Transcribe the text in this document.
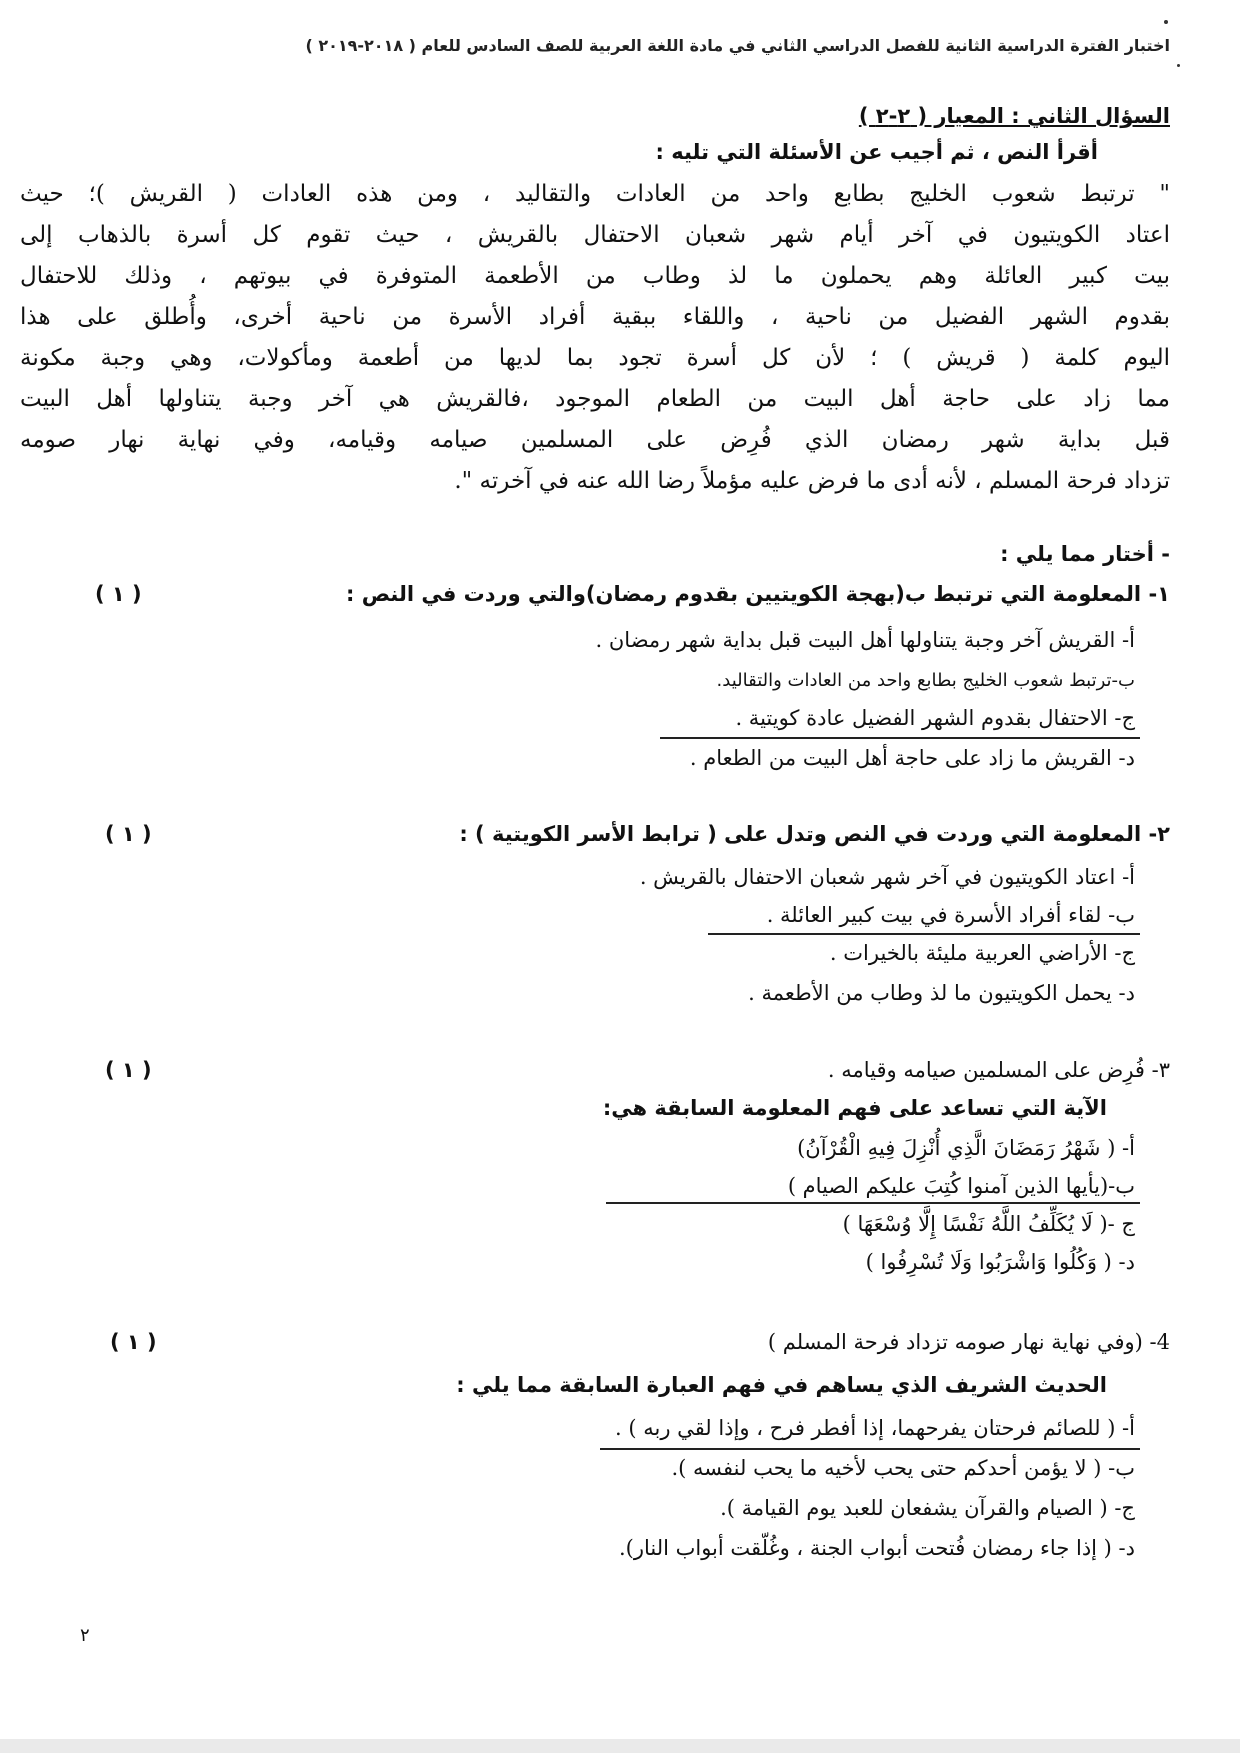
اختبار الفترة الدراسية الثانية للفصل الدراسي الثاني في مادة اللغة العربية للصف السادس للعام ( ٢٠١٨-٢٠١٩ )
السؤال الثاني : المعيار ( ٢-٢ )
أقرأ النص ، ثم أجيب عن الأسئلة التي تليه :
" ترتبط شعوب الخليج بطابع واحد من العادات والتقاليد ، ومن هذه العادات ( القريش )؛ حيث
اعتاد الكويتيون في آخر أيام شهر شعبان الاحتفال بالقريش ، حيث تقوم كل أسرة بالذهاب إلى
بيت كبير العائلة وهم يحملون ما لذ وطاب من الأطعمة المتوفرة في بيوتهم ، وذلك للاحتفال
بقدوم الشهر الفضيل من ناحية ، واللقاء ببقية أفراد الأسرة من ناحية أخرى، وأُطلق على هذا
اليوم كلمة ( قريش ) ؛ لأن كل أسرة تجود بما لديها من أطعمة ومأكولات، وهي وجبة مكونة
مما زاد على حاجة أهل البيت من الطعام الموجود ،فالقريش هي آخر وجبة يتناولها أهل البيت
قبل بداية شهر رمضان الذي فُرِض على المسلمين صيامه وقيامه، وفي نهاية نهار صومه
تزداد فرحة المسلم ، لأنه أدى ما فرض عليه مؤملاً رضا الله عنه في آخرته ".
- أختار مما يلي :
١- المعلومة التي ترتبط ب(بهجة الكويتيين بقدوم رمضان)والتي وردت في النص :
( ١ )
أ- القريش آخر وجبة يتناولها أهل البيت قبل بداية شهر رمضان .
ب-ترتبط شعوب الخليج بطابع واحد من العادات والتقاليد.
ج- الاحتفال بقدوم الشهر الفضيل عادة كويتية .
د- القريش ما زاد على حاجة أهل البيت من الطعام .
٢- المعلومة التي وردت في النص وتدل على ( ترابط الأسر الكويتية ) :
( ١ )
أ- اعتاد الكويتيون في آخر شهر شعبان الاحتفال بالقريش .
ب- لقاء أفراد الأسرة في بيت كبير العائلة .
ج- الأراضي العربية مليئة بالخيرات .
د- يحمل الكويتيون ما لذ وطاب من الأطعمة .
٣- فُرِض على المسلمين صيامه وقيامه .
( ١ )
الآية التي تساعد على فهم المعلومة السابقة هي:
أ- ( شَهْرُ رَمَضَانَ الَّذِي أُنْزِلَ فِيهِ الْقُرْآنُ)
ب-(يأيها الذين آمنوا كُتِبَ عليكم الصيام )
ج -( لَا يُكَلِّفُ اللَّهُ نَفْسًا إِلَّا وُسْعَهَا )
د- ( وَكُلُوا وَاشْرَبُوا وَلَا تُسْرِفُوا )
4- (وفي نهاية نهار صومه تزداد فرحة المسلم )
( ١ )
الحديث الشريف الذي يساهم في فهم العبارة السابقة مما يلي :
أ- ( للصائم فرحتان يفرحهما، إذا أفطر فرح ، وإذا لقي ربه ) .
ب- ( لا يؤمن أحدكم حتى يحب لأخيه ما يحب لنفسه ).
ج- ( الصيام والقرآن يشفعان للعبد يوم القيامة ).
د- ( إذا جاء رمضان فُتحت أبواب الجنة ، وغُلّقت أبواب النار).
٢
